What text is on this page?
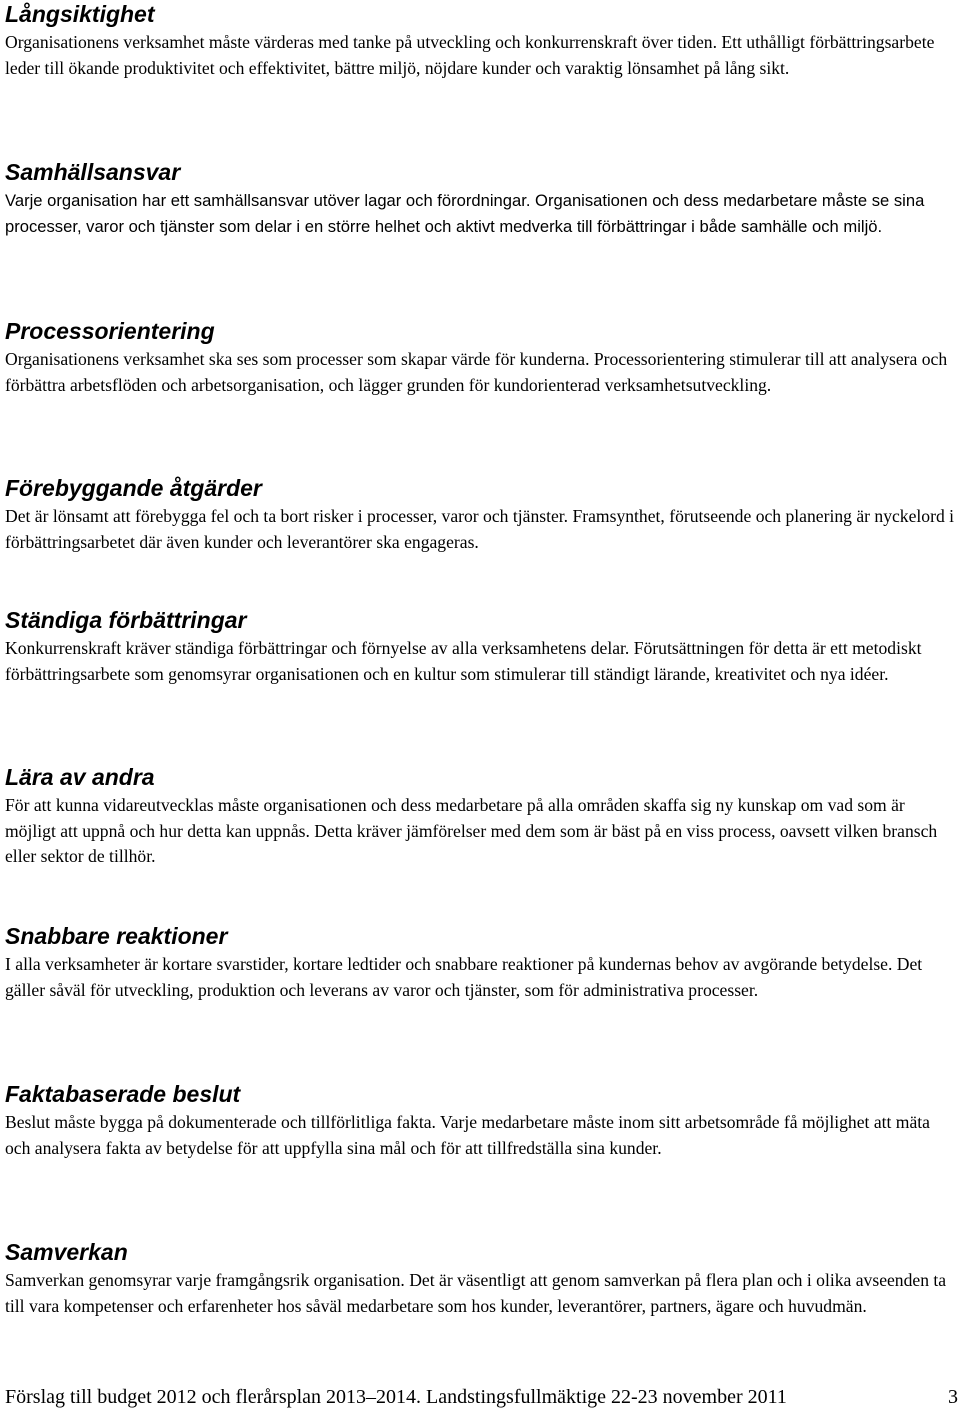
Långsiktighet

Organisationens verksamhet måste värderas med tanke på utveckling och konkurrenskraft över tiden. Ett uthålligt förbättringsarbete leder till ökande produktivitet och effektivitet, bättre miljö, nöjdare kunder och varaktig lönsamhet på lång sikt.

Samhällsansvar

Varje organisation har ett samhällsansvar utöver lagar och förordningar. Organisationen och dess medarbetare måste se sina processer, varor och tjänster som delar i en större helhet och aktivt medverka till förbättringar i både samhälle och miljö.

Processorientering

Organisationens verksamhet ska ses som processer som skapar värde för kunderna. Processorientering stimulerar till att analysera och förbättra arbetsflöden och arbetsorganisation, och lägger grunden för kundorienterad verksamhetsutveckling.

Förebyggande åtgärder

Det är lönsamt att förebygga fel och ta bort risker i processer, varor och tjänster. Framsynthet, förutseende och planering är nyckelord i förbättringsarbetet där även kunder och leverantörer ska engageras.

Ständiga förbättringar

Konkurrenskraft kräver ständiga förbättringar och förnyelse av alla verksamhetens delar. Förutsättningen för detta är ett metodiskt förbättringsarbete som genomsyrar organisationen och en kultur som stimulerar till ständigt lärande, kreativitet och nya idéer.

Lära av andra

För att kunna vidareutvecklas måste organisationen och dess medarbetare på alla områden skaffa sig ny kunskap om vad som är möjligt att uppnå och hur detta kan uppnås. Detta kräver jämförelser med dem som är bäst på en viss process, oavsett vilken bransch eller sektor de tillhör.

Snabbare reaktioner

I alla verksamheter är kortare svarstider, kortare ledtider och snabbare reaktioner på kundernas behov av avgörande betydelse. Det gäller såväl för utveckling, produktion och leverans av varor och tjänster, som för administrativa processer.

Faktabaserade beslut

Beslut måste bygga på dokumenterade och tillförlitliga fakta. Varje medarbetare måste inom sitt arbetsområde få möjlighet att mäta och analysera fakta av betydelse för att uppfylla sina mål och för att tillfredställa sina kunder.

Samverkan

Samverkan genomsyrar varje framgångsrik organisation. Det är väsentligt att genom samverkan på flera plan och i olika avseenden ta till vara kompetenser och erfarenheter hos såväl medarbetare som hos kunder, leverantörer, partners, ägare och huvudmän.

Förslag till budget 2012 och flerårsplan 2013–2014. Landstingsfullmäktige 22-23 november 2011	3
